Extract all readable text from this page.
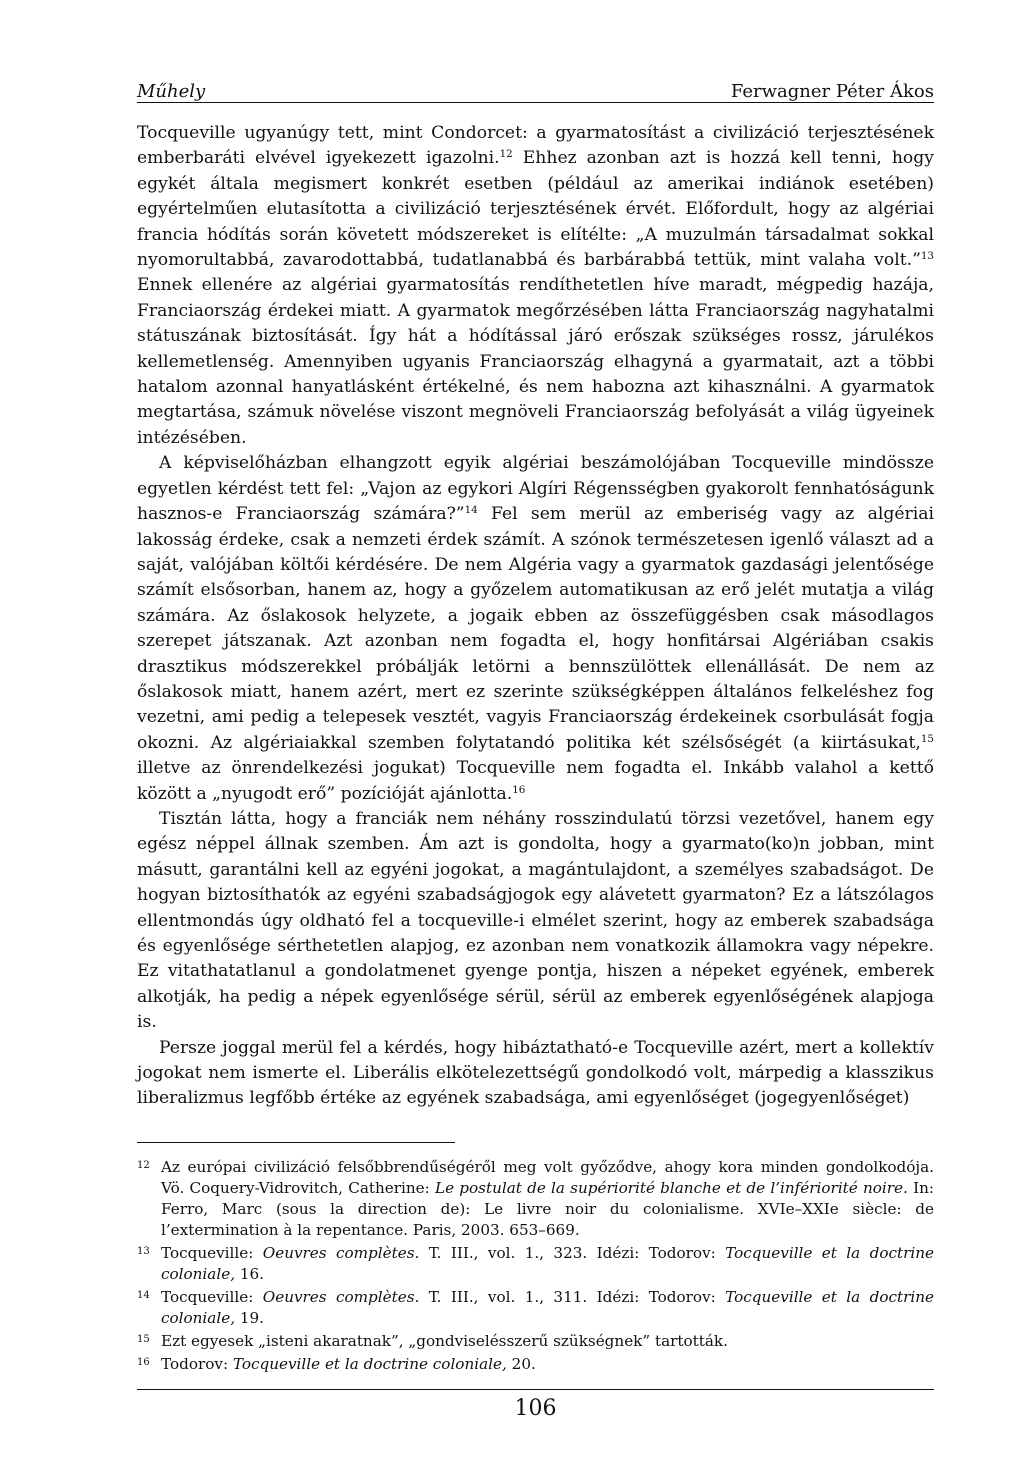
Műhely	Ferwagner Péter Ákos

Tocqueville ugyanúgy tett, mint Condorcet: a gyarmatosítást a civilizáció terjesztésének emberbaráti elvével igyekezett igazolni.$^{12}$ Ehhez azonban azt is hozzá kell tenni, hogy egykét általa megismert konkrét esetben (például az amerikai indiánok esetében) egyértelműen elutasította a civilizáció terjesztésének érvét. Előfordult, hogy az algériai francia hódítás során követett módszereket is elítélte: „A muzulmán társadalmat sokkal nyomorultabbá, zavarodottabbá, tudatlanabbá és barbárabbá tettük, mint valaha volt.”$^{13}$ Ennek ellenére az algériai gyarmatosítás rendíthetetlen híve maradt, mégpedig hazája, Franciaország érdekei miatt. A gyarmatok megőrzésében látta Franciaország nagyhatalmi státuszának biztosítását. Így hát a hódítással járó erőszak szükséges rossz, járulékos kellemetlenség. Amennyiben ugyanis Franciaország elhagyná a gyarmatait, azt a többi hatalom azonnal hanyatlásként értékelné, és nem habozna azt kihasználni. A gyarmatok megtartása, számuk növelése viszont megnöveli Franciaország befolyását a világ ügyeinek intézésében.

A képviselőházban elhangzott egyik algériai beszámolójában Tocqueville mindössze egyetlen kérdést tett fel: „Vajon az egykori Algíri Régensségben gyakorolt fennhatóságunk hasznos-e Franciaország számára?”$^{14}$ Fel sem merül az emberiség vagy az algériai lakosság érdeke, csak a nemzeti érdek számít. A szónok természetesen igenlő választ ad a saját, valójában költői kérdésére. De nem Algéria vagy a gyarmatok gazdasági jelentősége számít elsősorban, hanem az, hogy a győzelem automatikusan az erő jelét mutatja a világ számára. Az őslakosok helyzete, a jogaik ebben az összefüggésben csak másodlagos szerepet játszanak. Azt azonban nem fogadta el, hogy honfitársai Algériában csakis drasztikus módszerekkel próbálják letörni a bennszülöttek ellenállását. De nem az őslakosok miatt, hanem azért, mert ez szerinte szükségképpen általános felkeléshez fog vezetni, ami pedig a telepesek vesztét, vagyis Franciaország érdekeinek csorbulását fogja okozni. Az algériaiakkal szemben folytatandó politika két szélsőségét (a kiirtásukat,$^{15}$ illetve az önrendelkezési jogukat) Tocqueville nem fogadta el. Inkább valahol a kettő között a „nyugodt erő” pozícióját ajánlotta.$^{16}$

Tisztán látta, hogy a franciák nem néhány rosszindulatú törzsi vezetővel, hanem egy egész néppel állnak szemben. Ám azt is gondolta, hogy a gyarmato(ko)n jobban, mint másutt, garantálni kell az egyéni jogokat, a magántulajdont, a személyes szabadságot. De hogyan biztosíthatók az egyéni szabadságjogok egy alávetett gyarmaton? Ez a látszólagos ellentmondás úgy oldható fel a tocqueville-i elmélet szerint, hogy az emberek szabadsága és egyenlősége sérthetetlen alapjog, ez azonban nem vonatkozik államokra vagy népekre. Ez vitathatatlanul a gondolatmenet gyenge pontja, hiszen a népeket egyének, emberek alkotják, ha pedig a népek egyenlősége sérül, sérül az emberek egyenlőségének alapjoga is.

Persze joggal merül fel a kérdés, hogy hibáztatható-e Tocqueville azért, mert a kollektív jogokat nem ismerte el. Liberális elkötelezettségű gondolkodó volt, márpedig a klasszikus liberalizmus legfőbb értéke az egyének szabadsága, ami egyenlőséget (jogegyenlőséget)

12 Az európai civilizáció felsőbbrendűségéről meg volt győződve, ahogy kora minden gondolkodója. Vö. Coquery-Vidrovitch, Catherine: Le postulat de la supériorité blanche et de l’infériorité noire. In: Ferro, Marc (sous la direction de): Le livre noir du colonialisme. XVIe–XXIe siècle: de l’extermination à la repentance. Paris, 2003. 653–669.
13 Tocqueville: Oeuvres complètes. T. III., vol. 1., 323. Idézi: Todorov: Tocqueville et la doctrine coloniale, 16.
14 Tocqueville: Oeuvres complètes. T. III., vol. 1., 311. Idézi: Todorov: Tocqueville et la doctrine coloniale, 19.
15 Ezt egyesek „isteni akaratnak”, „gondviselésszerű szükségnek” tartották.
16 Todorov: Tocqueville et la doctrine coloniale, 20.
106
